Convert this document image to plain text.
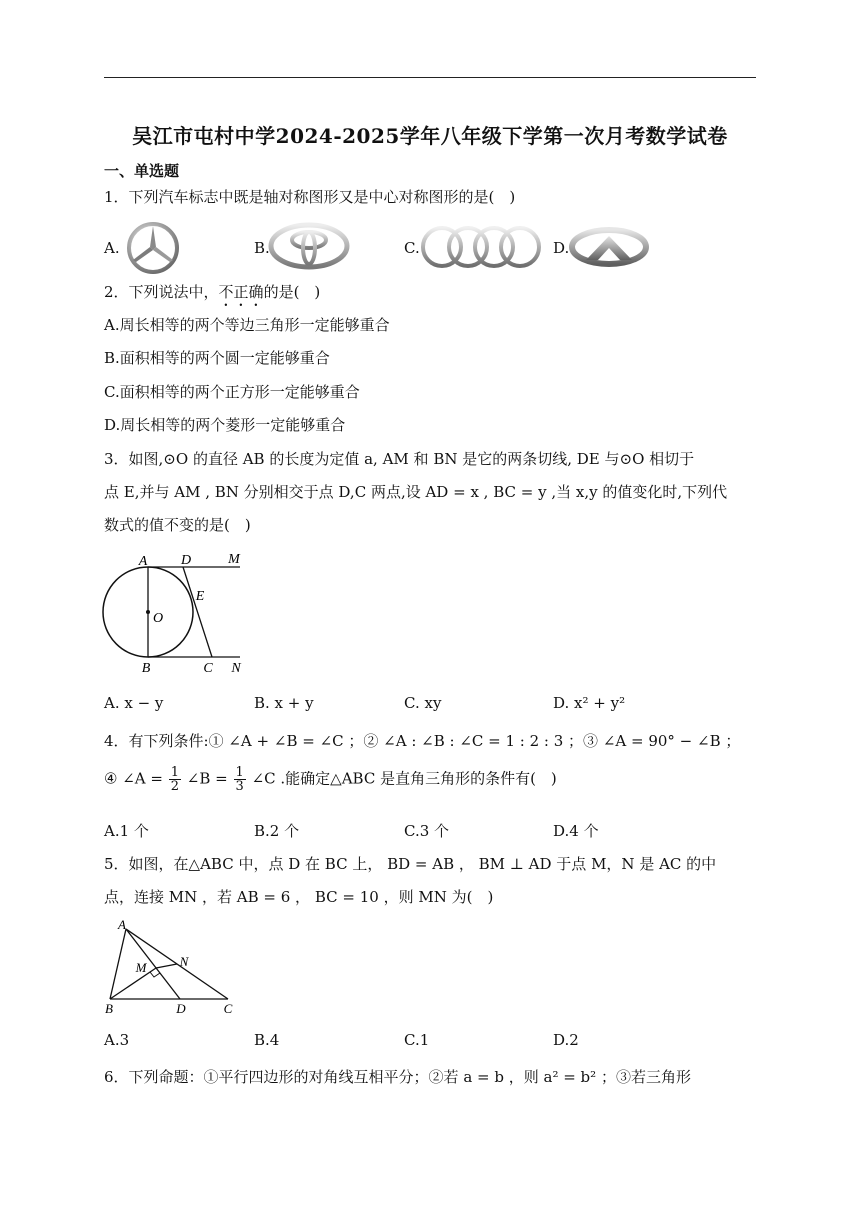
吴江市屯村中学2024-2025学年八年级下学第一次月考数学试卷
一、单选题
1．下列汽车标志中既是轴对称图形又是中心对称图形的是(　)
A.	B.	C.	D.
2．下列说法中，不正确的是(　)
A.周长相等的两个等边三角形一定能够重合
B.面积相等的两个圆一定能够重合
C.面积相等的两个正方形一定能够重合
D.周长相等的两个菱形一定能够重合
3．如图,⊙O 的直径 AB 的长度为定值 a, AM 和 BN 是它的两条切线, DE 与⊙O 相切于
点 E,并与 AM , BN 分别相交于点 D,C 两点,设 AD = x , BC = y ,当 x,y 的值变化时,下列代
数式的值不变的是(　)
A D	M
E
O
B	C N
A. x − y	B. x + y	C. xy	D. x² + y²
4．有下列条件:① ∠A + ∠B = ∠C ；② ∠A : ∠B : ∠C = 1 : 2 : 3 ；③ ∠A = 90° − ∠B ；
④ ∠A = $\frac{1}{2}$ ∠B = $\frac{1}{3}$ ∠C .能确定△ABC 是直角三角形的条件有(　)
A.1 个	B.2 个	C.3 个	D.4 个
5．如图，在△ABC 中，点 D 在 BC 上， BD = AB ， BM ⊥ AD 于点 M，N 是 AC 的中
点，连接 MN ，若 AB = 6 ， BC = 10 ，则 MN 为(　)
A
M	N
B	D	C
A.3	B.4	C.1	D.2
6．下列命题：①平行四边形的对角线互相平分；②若 a = b ，则 a² = b² ；③若三角形
